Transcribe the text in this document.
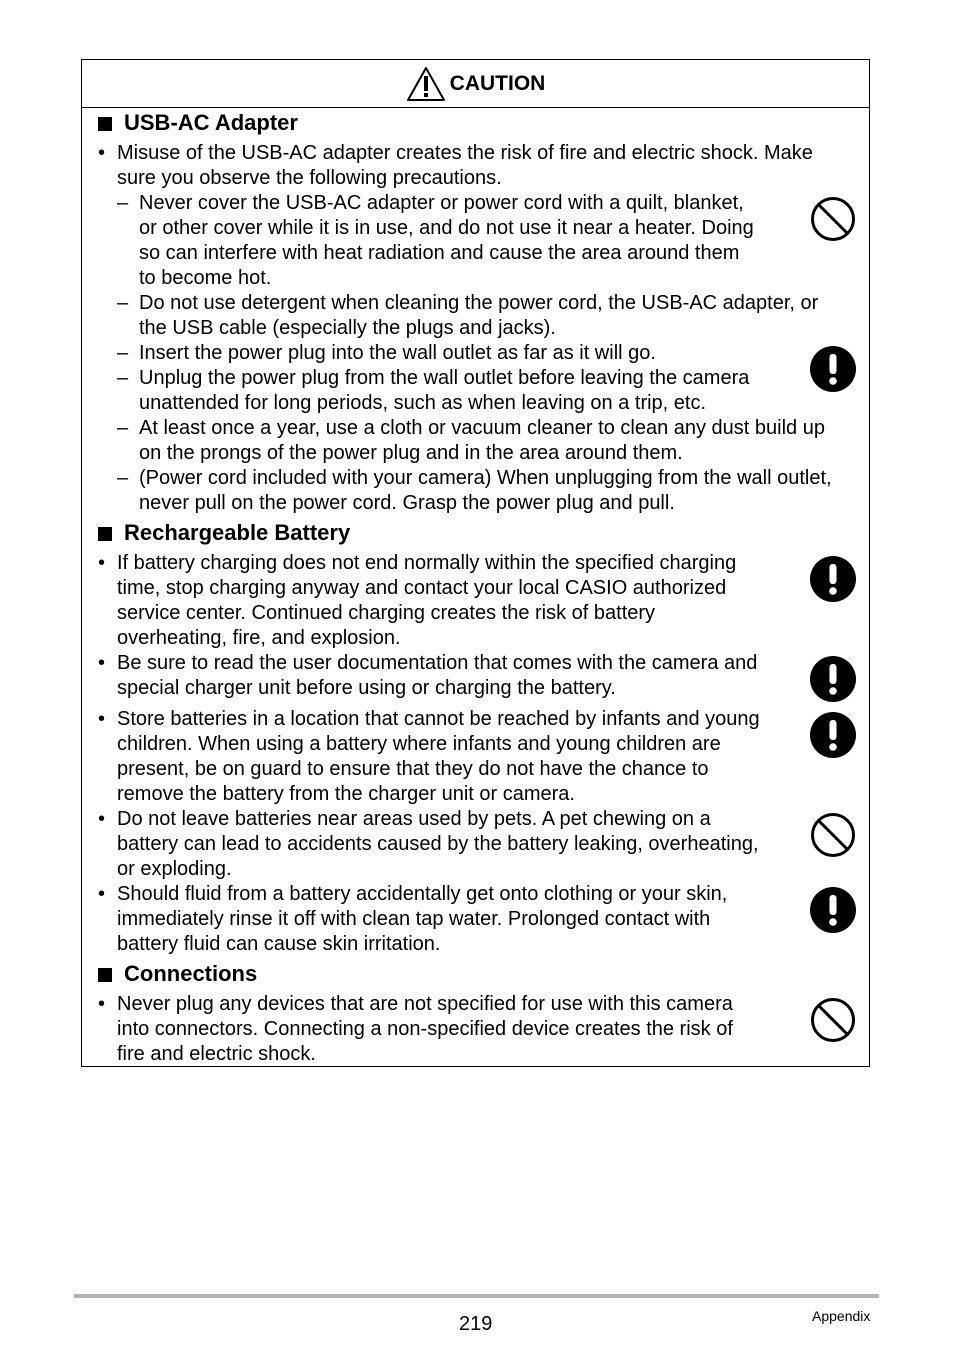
CAUTION
USB-AC Adapter
• Misuse of the USB-AC adapter creates the risk of fire and electric shock. Make
sure you observe the following precautions.
– Never cover the USB-AC adapter or power cord with a quilt, blanket,
or other cover while it is in use, and do not use it near a heater. Doing
so can interfere with heat radiation and cause the area around them
to become hot.
– Do not use detergent when cleaning the power cord, the USB-AC adapter, or
the USB cable (especially the plugs and jacks).
– Insert the power plug into the wall outlet as far as it will go.
– Unplug the power plug from the wall outlet before leaving the camera
unattended for long periods, such as when leaving on a trip, etc.
– At least once a year, use a cloth or vacuum cleaner to clean any dust build up
on the prongs of the power plug and in the area around them.
– (Power cord included with your camera) When unplugging from the wall outlet,
never pull on the power cord. Grasp the power plug and pull.
Rechargeable Battery
• If battery charging does not end normally within the specified charging
time, stop charging anyway and contact your local CASIO authorized
service center. Continued charging creates the risk of battery
overheating, fire, and explosion.
• Be sure to read the user documentation that comes with the camera and
special charger unit before using or charging the battery.
• Store batteries in a location that cannot be reached by infants and young
children. When using a battery where infants and young children are
present, be on guard to ensure that they do not have the chance to
remove the battery from the charger unit or camera.
• Do not leave batteries near areas used by pets. A pet chewing on a
battery can lead to accidents caused by the battery leaking, overheating,
or exploding.
• Should fluid from a battery accidentally get onto clothing or your skin,
immediately rinse it off with clean tap water. Prolonged contact with
battery fluid can cause skin irritation.
Connections
• Never plug any devices that are not specified for use with this camera
into connectors. Connecting a non-specified device creates the risk of
fire and electric shock.
219	Appendix
